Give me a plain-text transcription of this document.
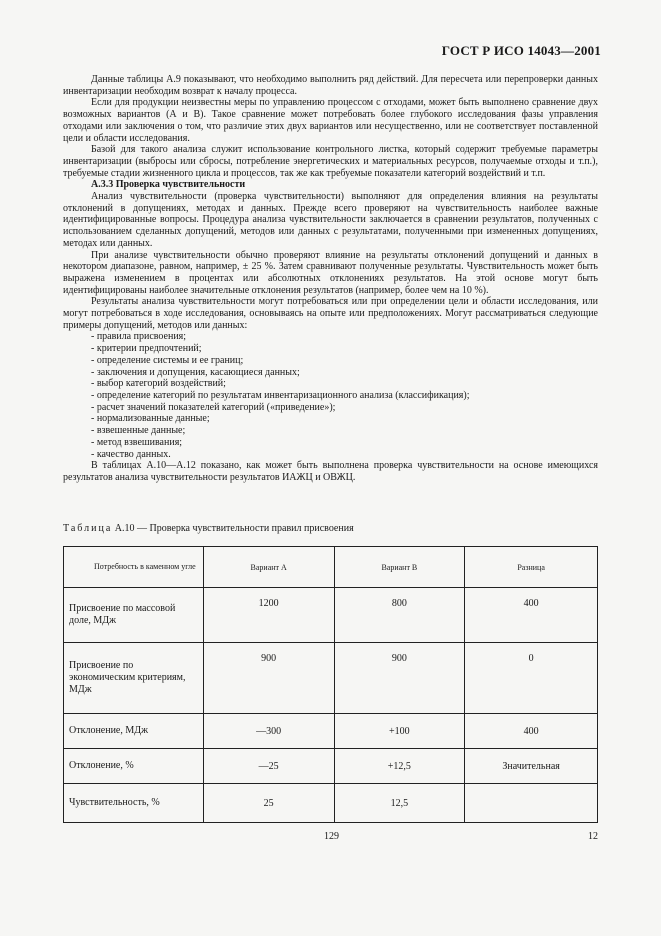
ГОСТ Р ИСО 14043—2001

Данные таблицы А.9 показывают, что необходимо выполнить ряд действий. Для пересчета или перепроверки данных инвентаризации необходим возврат к началу процесса.

Если для продукции неизвестны меры по управлению процессом с отходами, может быть выполнено сравнение двух возможных вариантов (А и В). Такое сравнение может потребовать более глубокого исследования фазы управления отходами или заключения о том, что различие этих двух вариантов или несущественно, или не соответствует поставленной цели и области исследования.

Базой для такого анализа служит использование контрольного листка, который содержит требуемые параметры инвентаризации (выбросы или сбросы, потребление энергетических и материальных ресурсов, получаемые отходы и т.п.), требуемые стадии жизненного цикла и процессов, так же как требуемые показатели категорий воздействий и т.п.

А.3.3 Проверка чувствительности

Анализ чувствительности (проверка чувствительности) выполняют для определения влияния на результаты отклонений в допущениях, методах и данных. Прежде всего проверяют на чувствительность наиболее важные идентифицированные вопросы. Процедура анализа чувствительности заключается в сравнении результатов, полученных с использованием сделанных допущений, методов или данных с результатами, полученными при измененных допущениях, методах или данных.

При анализе чувствительности обычно проверяют влияние на результаты отклонений допущений и данных в некотором диапазоне, равном, например, ± 25 %. Затем сравнивают полученные результаты. Чувствительность может быть выражена изменением в процентах или абсолютных отклонениях результатов. На этой основе могут быть идентифицированы наиболее значительные отклонения результатов (например, более чем на 10 %).

Результаты анализа чувствительности могут потребоваться или при определении цели и области исследования, или могут потребоваться в ходе исследования, основываясь на опыте или предположениях. Могут рассматриваться следующие примеры допущений, методов или данных:

- правила присвоения;
- критерии предпочтений;
- определение системы и ее границ;
- заключения и допущения, касающиеся данных;
- выбор категорий воздействий;
- определение категорий по результатам инвентаризационного анализа (классификация);
- расчет значений показателей категорий («приведение»);
- нормализованные данные;
- взвешенные данные;
- метод взвешивания;
- качество данных.

В таблицах А.10—А.12 показано, как может быть выполнена проверка чувствительности на основе имеющихся результатов анализа чувствительности результатов ИАЖЦ и ОВЖЦ.

Таблица А.10 — Проверка чувствительности правил присвоения
Потребность в каменном угле	Вариант А	Вариант В	Разница
Присвоение по массовой доле, МДж	1200	800	400
Присвоение по экономическим критериям, МДж	900	900	0
Отклонение, МДж	—300	+100	400
Отклонение, %	—25	+12,5	Значительная
Чувствительность, %	25	12,5	
129	12
